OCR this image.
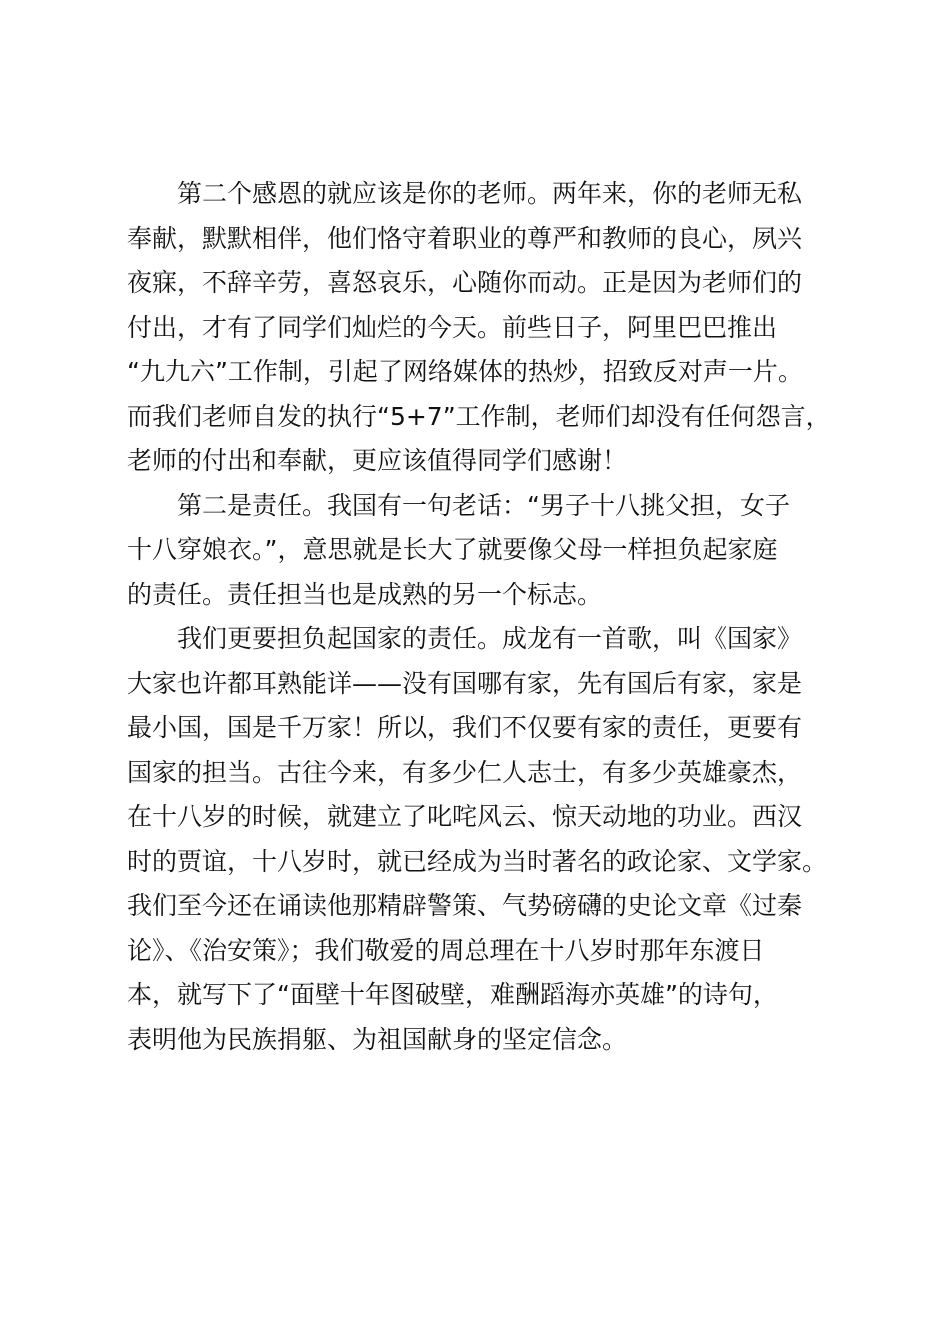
第二个感恩的就应该是你的老师。两年来，你的老师无私
奉献，默默相伴，他们恪守着职业的尊严和教师的良心，夙兴
夜寐，不辞辛劳，喜怒哀乐，心随你而动。正是因为老师们的
付出，才有了同学们灿烂的今天。前些日子，阿里巴巴推出
“九九六”工作制，引起了网络媒体的热炒，招致反对声一片。
而我们老师自发的执行“5+7”工作制，老师们却没有任何怨言，
老师的付出和奉献，更应该值得同学们感谢！

第二是责任。我国有一句老话：“男子十八挑父担，女子
十八穿娘衣。”，意思就是长大了就要像父母一样担负起家庭
的责任。责任担当也是成熟的另一个标志。

我们更要担负起国家的责任。成龙有一首歌，叫《国家》
大家也许都耳熟能详——没有国哪有家，先有国后有家，家是
最小国，国是千万家！所以，我们不仅要有家的责任，更要有
国家的担当。古往今来，有多少仁人志士，有多少英雄豪杰，
在十八岁的时候，就建立了叱咤风云、惊天动地的功业。西汉
时的贾谊，十八岁时，就已经成为当时著名的政论家、文学家。
我们至今还在诵读他那精辟警策、气势磅礴的史论文章《过秦
论》、《治安策》；我们敬爱的周总理在十八岁时那年东渡日
本，就写下了“面壁十年图破壁，难酬蹈海亦英雄”的诗句，
表明他为民族捐躯、为祖国献身的坚定信念。
